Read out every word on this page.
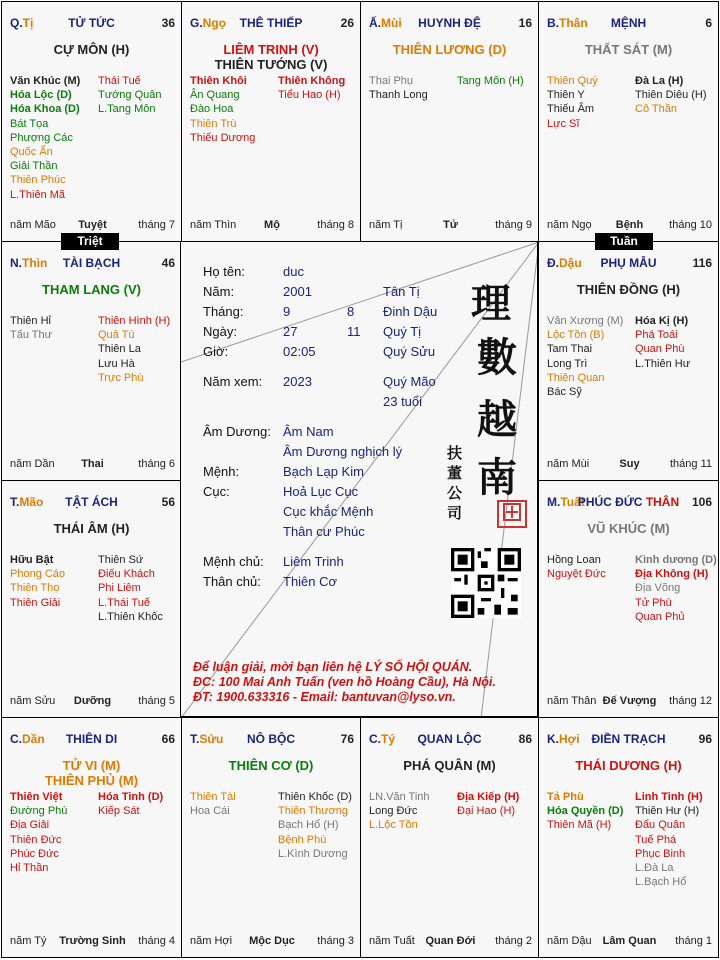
Q.Tị	TỬ TỨC	36
CỰ MÔN (H)
Văn Khúc (M)
Hóa Lộc (D)
Hóa Khoa (D)
Bát Tọa
Phượng Các
Quốc Ấn
Giải Thần
Thiên Phúc
L.Thiên Mã
Thái Tuế
Tướng Quân
L.Tang Môn
năm Mão	Tuyệt	tháng 7
G.Ngọ	THÊ THIẾP	26
LIÊM TRINH (V)
THIÊN TƯỚNG (V)
Thiên Khôi
Ân Quang
Đào Hoa
Thiên Trù
Thiếu Dương
Thiên Không
Tiểu Hao (H)
năm Thìn	Mộ	tháng 8
Ấ.Mùi	HUYNH ĐỆ	16
THIÊN LƯƠNG (D)
Thai Phụ
Thanh Long
Tang Môn (H)
năm Tị	Tử	tháng 9
B.Thân	MỆNH	6
THẤT SÁT (M)
Thiên Quý
Thiên Y
Thiếu Âm
Lực Sĩ
Đà La (H)
Thiên Diêu (H)
Cô Thần
năm Ngọ	Bệnh	tháng 10
N.Thìn	TÀI BẠCH	46
THAM LANG (V)
Thiên Hỉ
Tấu Thư
Thiên Hình (H)
Quả Tú
Thiên La
Lưu Hà
Trực Phù
năm Dần	Thai	tháng 6
Đ.Dậu	PHỤ MẪU	116
THIÊN ĐỒNG (H)
Văn Xương (M)
Lộc Tồn (B)
Tam Thai
Long Trì
Thiên Quan
Bác Sỹ
Hóa Kị (H)
Phá Toái
Quan Phù
L.Thiên Hư
năm Mùi	Suy	tháng 11
T.Mão	TẬT ÁCH	56
THÁI ÂM (H)
Hữu Bật
Phong Cáo
Thiên Thọ
Thiên Giải
Thiên Sứ
Điếu Khách
Phi Liêm
L.Thái Tuế
L.Thiên Khốc
năm Sửu	Dưỡng	tháng 5
M.Tuất
PHÚC ĐỨC THÂN	106
VŨ KHÚC (M)
Hồng Loan
Nguyệt Đức
Kình dương (D)
Địa Không (H)
Địa Võng
Tử Phù
Quan Phủ
năm Thân Đế Vượng	tháng 12
C.Dần	THIÊN DI	66
TỬ VI (M)
THIÊN PHỦ (M)
Thiên Việt
Đường Phù
Địa Giải
Thiên Đức
Phúc Đức
Hỉ Thần
Hóa Tinh (D)
Kiếp Sát
năm Tý	Trường Sinh	tháng 4
T.Sửu	NÔ BỘC	76
THIÊN CƠ (D)
Thiên Tài
Hoa Cái
Thiên Khốc (D)
Thiên Thương
Bạch Hổ (H)
Bệnh Phù
L.Kình Dương
năm Hợi	Mộc Dục	tháng 3
C.Tý	QUAN LỘC	86
PHÁ QUÂN (M)
LN.Văn Tinh
Long Đức
L.Lộc Tồn
Địa Kiếp (H)
Đại Hao (H)
năm Tuất Quan Đới	tháng 2
K.Hợi ĐIỀN TRẠCH	96
THÁI DƯƠNG (H)
Tả Phù
Hóa Quyền (D)
Thiên Mã (H)
Linh Tinh (H)
Thiên Hư (H)
Đẩu Quân
Tuế Phá
Phục Binh
L.Đà La
L.Bạch Hổ
năm Dậu Lâm Quan	tháng 1
Họ tên:	duc
Năm:	2001	Tân Tị
Tháng:	9	8 Đinh Dậu
Ngày:	27	11 Quý Tị
Giờ:	02:05	Quý Sửu
Năm xem: 2023	Quý Mão
23 tuổi
Âm Dương: Âm Nam
Âm Dương nghịch lý
Mệnh:	Bạch Lạp Kim
Cục:	Hoả Lục Cục
Cục khắc Mệnh
Thân cư Phúc
Mệnh chủ: Liêm Trinh
Thân chủ: Thiên Cơ
理
數
越
南
扶
董
公
司
Để luận giải, mời bạn liên hệ LÝ SỐ HỘI QUÁN.
ĐC: 100 Mai Anh Tuấn (ven hồ Hoàng Cầu), Hà Nội.
ĐT: 1900.633316 - Email: bantuvan@lyso.vn.
Triệt	Tuần
